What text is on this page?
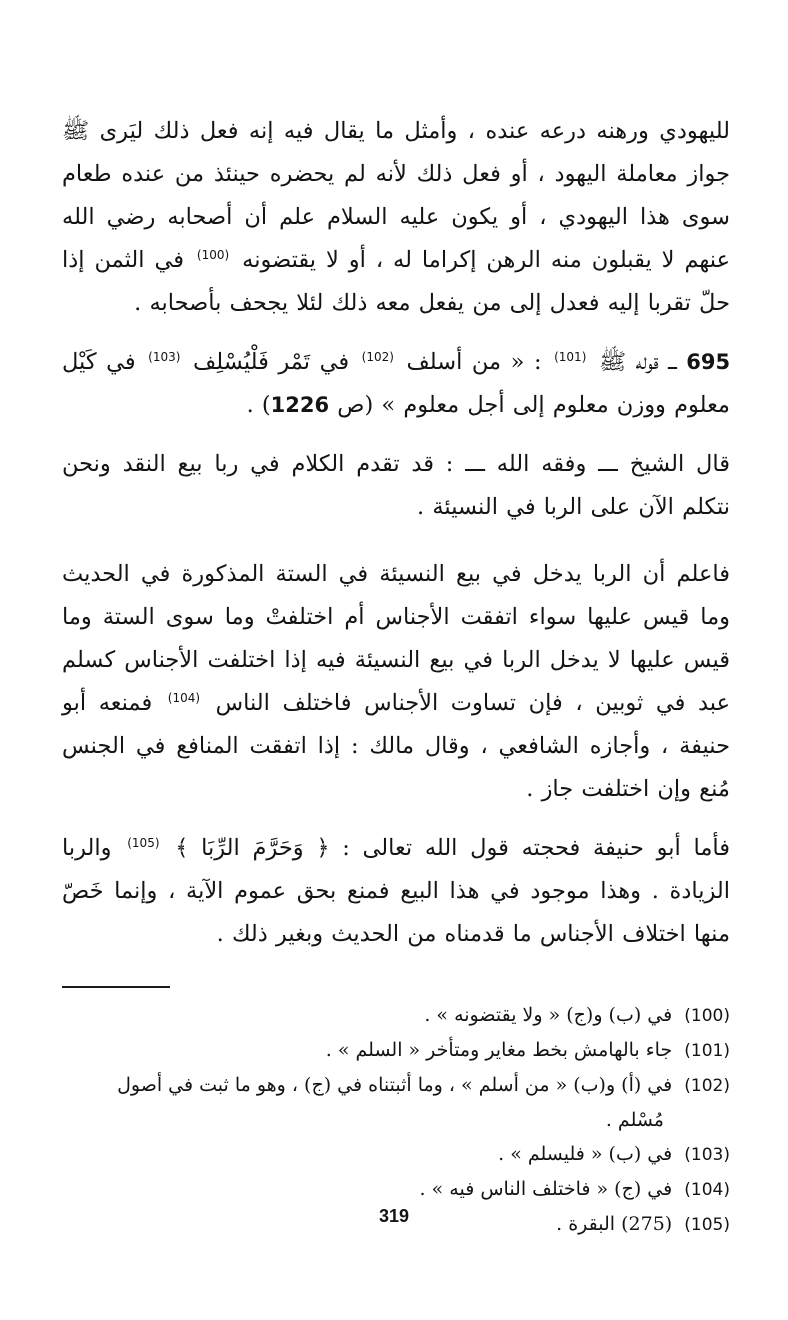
لليهودي ورهنه درعه عنده ، وأمثل ما يقال فيه إنه فعل ذلك ليَرى ﷺ جواز معاملة اليهود ، أو فعل ذلك لأنه لم يحضره حينئذ من عنده طعام سوى هذا اليهودي ، أو يكون عليه السلام علم أن أصحابه رضي الله عنهم لا يقبلون منه الرهن إكراما له ، أو لا يقتضونه $^{(100)}$ في الثمن إذا حلّ تقربا إليه فعدل إلى من يفعل معه ذلك لئلا يجحف بأصحابه .

695 ـــ قوله ﷺ $^{(101)}$ : « من أسلف $^{(102)}$ في تَمْر فَلْيُسْلِف $^{(103)}$ في كَيْل معلوم ووزن معلوم إلى أجل معلوم » (ص 1226) .

قال الشيخ ـــ وفقه الله ـــ : قد تقدم الكلام في ربا بيع النقد ونحن نتكلم الآن على الربا في النسيئة .

فاعلم أن الربا يدخل في بيع النسيئة في الستة المذكورة في الحديث وما قيس عليها سواء اتفقت الأجناس أم اختلفتْ وما سوى الستة وما قيس عليها لا يدخل الربا في بيع النسيئة فيه إذا اختلفت الأجناس كسلم عبد في ثوبين ، فإن تساوت الأجناس فاختلف الناس $^{(104)}$ فمنعه أبو حنيفة ، وأجازه الشافعي ، وقال مالك : إذا اتفقت المنافع في الجنس مُنع وإن اختلفت جاز .

فأما أبو حنيفة فحجته قول الله تعالى : ﴿ وَحَرَّمَ الرِّبَا ﴾ $^{(105)}$ والربا الزيادة . وهذا موجود في هذا البيع فمنع بحق عموم الآية ، وإنما خَصّ منها اختلاف الأجناس ما قدمناه من الحديث وبغير ذلك .

(100) في (ب) و(ج) « ولا يقتضونه » .
(101) جاء بالهامش بخط مغاير ومتأخر « السلم » .
(102) في (أ) و(ب) « من أسلم » ، وما أثبتناه في (ج) ، وهو ما ثبت في أصول
مُسْلم .
(103) في (ب) « فليسلم » .
(104) في (ج) « فاختلف الناس فيه » .
(105) (275) البقرة .
319
